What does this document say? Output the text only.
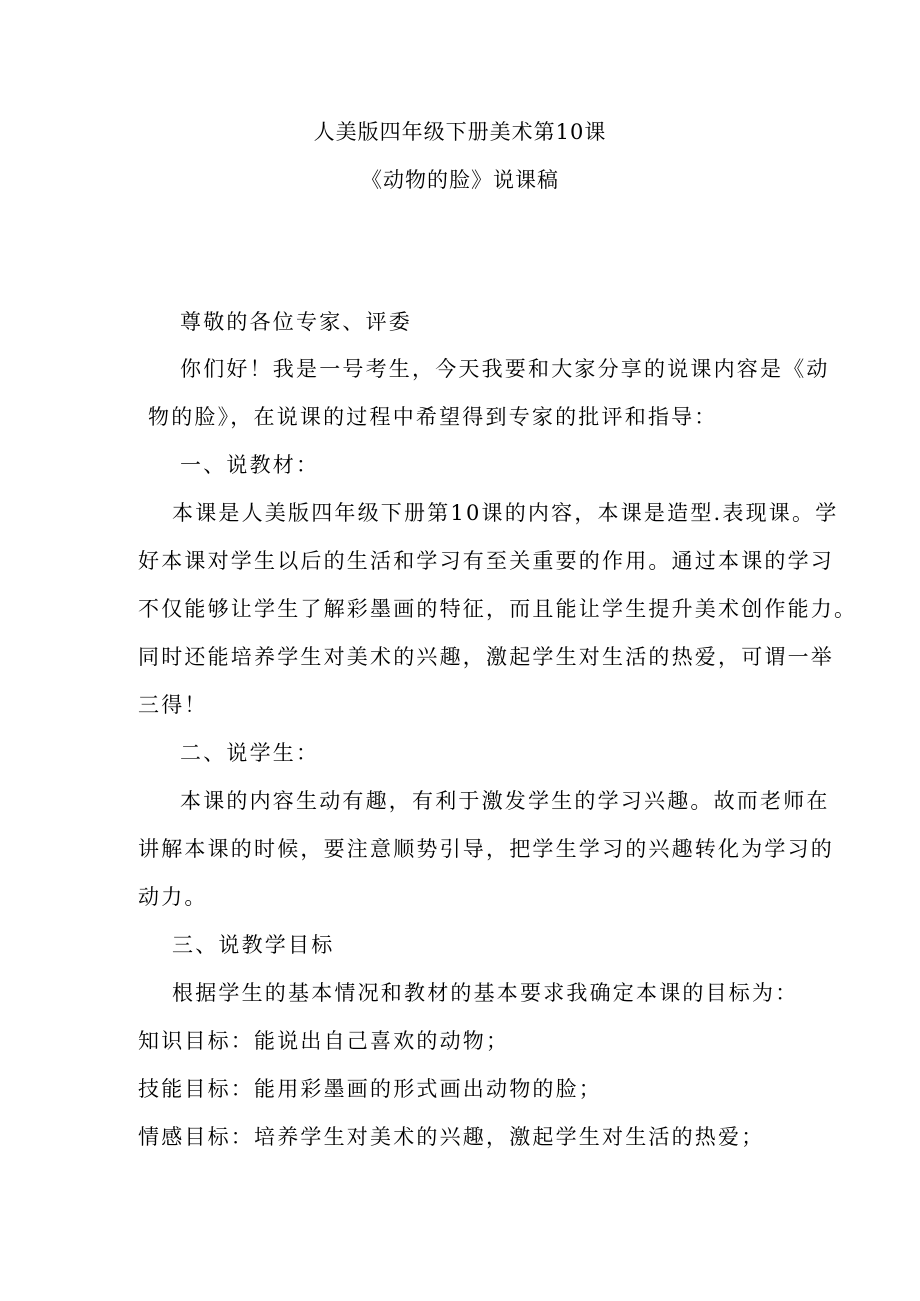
人美版四年级下册美术第10课
《动物的脸》说课稿
尊敬的各位专家、评委
你们好！我是一号考生，今天我要和大家分享的说课内容是《动
物的脸》，在说课的过程中希望得到专家的批评和指导：
一、说教材：
本课是人美版四年级下册第10课的内容，本课是造型.表现课。学
好本课对学生以后的生活和学习有至关重要的作用。通过本课的学习
不仅能够让学生了解彩墨画的特征，而且能让学生提升美术创作能力。
同时还能培养学生对美术的兴趣，激起学生对生活的热爱，可谓一举
三得！
二、说学生：
本课的内容生动有趣，有利于激发学生的学习兴趣。故而老师在
讲解本课的时候，要注意顺势引导，把学生学习的兴趣转化为学习的
动力。
三、说教学目标
根据学生的基本情况和教材的基本要求我确定本课的目标为：
知识目标：能说出自己喜欢的动物；
技能目标：能用彩墨画的形式画出动物的脸；
情感目标：培养学生对美术的兴趣，激起学生对生活的热爱；
